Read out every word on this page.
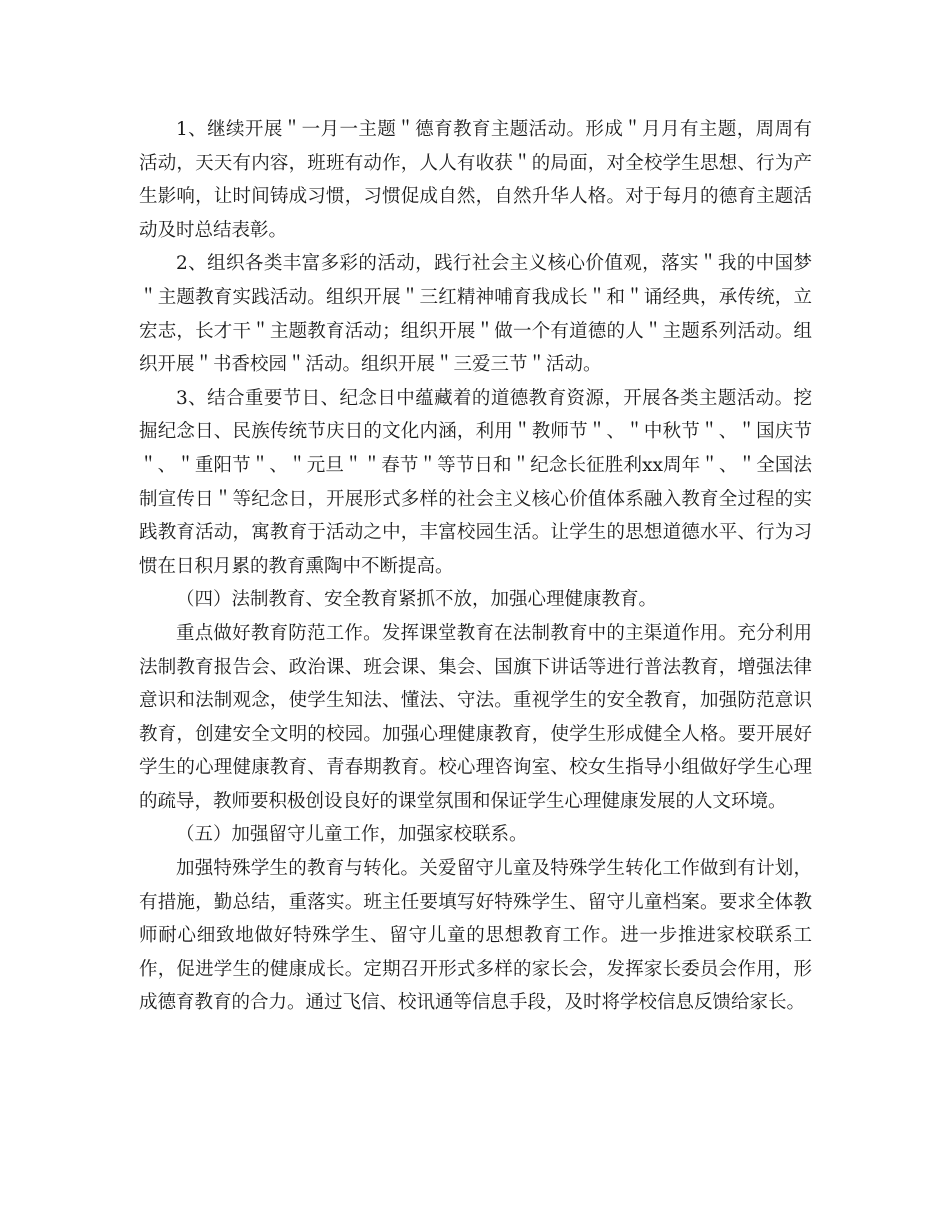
1、继续开展＂一月一主题＂德育教育主题活动。形成＂月月有主题，周周有活动，天天有内容，班班有动作，人人有收获＂的局面，对全校学生思想、行为产生影响，让时间铸成习惯，习惯促成自然，自然升华人格。对于每月的德育主题活动及时总结表彰。

2、组织各类丰富多彩的活动，践行社会主义核心价值观，落实＂我的中国梦＂主题教育实践活动。组织开展＂三红精神哺育我成长＂和＂诵经典，承传统，立宏志，长才干＂主题教育活动；组织开展＂做一个有道德的人＂主题系列活动。组织开展＂书香校园＂活动。组织开展＂三爱三节＂活动。

3、结合重要节日、纪念日中蕴藏着的道德教育资源，开展各类主题活动。挖掘纪念日、民族传统节庆日的文化内涵，利用＂教师节＂、＂中秋节＂、＂国庆节＂、＂重阳节＂、＂元旦＂＂春节＂等节日和＂纪念长征胜利xx周年＂、＂全国法制宣传日＂等纪念日，开展形式多样的社会主义核心价值体系融入教育全过程的实践教育活动，寓教育于活动之中，丰富校园生活。让学生的思想道德水平、行为习惯在日积月累的教育熏陶中不断提高。

（四）法制教育、安全教育紧抓不放，加强心理健康教育。

重点做好教育防范工作。发挥课堂教育在法制教育中的主渠道作用。充分利用法制教育报告会、政治课、班会课、集会、国旗下讲话等进行普法教育，增强法律意识和法制观念，使学生知法、懂法、守法。重视学生的安全教育，加强防范意识教育，创建安全文明的校园。加强心理健康教育，使学生形成健全人格。要开展好学生的心理健康教育、青春期教育。校心理咨询室、校女生指导小组做好学生心理的疏导，教师要积极创设良好的课堂氛围和保证学生心理健康发展的人文环境。

（五）加强留守儿童工作，加强家校联系。

加强特殊学生的教育与转化。关爱留守儿童及特殊学生转化工作做到有计划，有措施，勤总结，重落实。班主任要填写好特殊学生、留守儿童档案。要求全体教师耐心细致地做好特殊学生、留守儿童的思想教育工作。进一步推进家校联系工作，促进学生的健康成长。定期召开形式多样的家长会，发挥家长委员会作用，形成德育教育的合力。通过飞信、校讯通等信息手段，及时将学校信息反馈给家长。
